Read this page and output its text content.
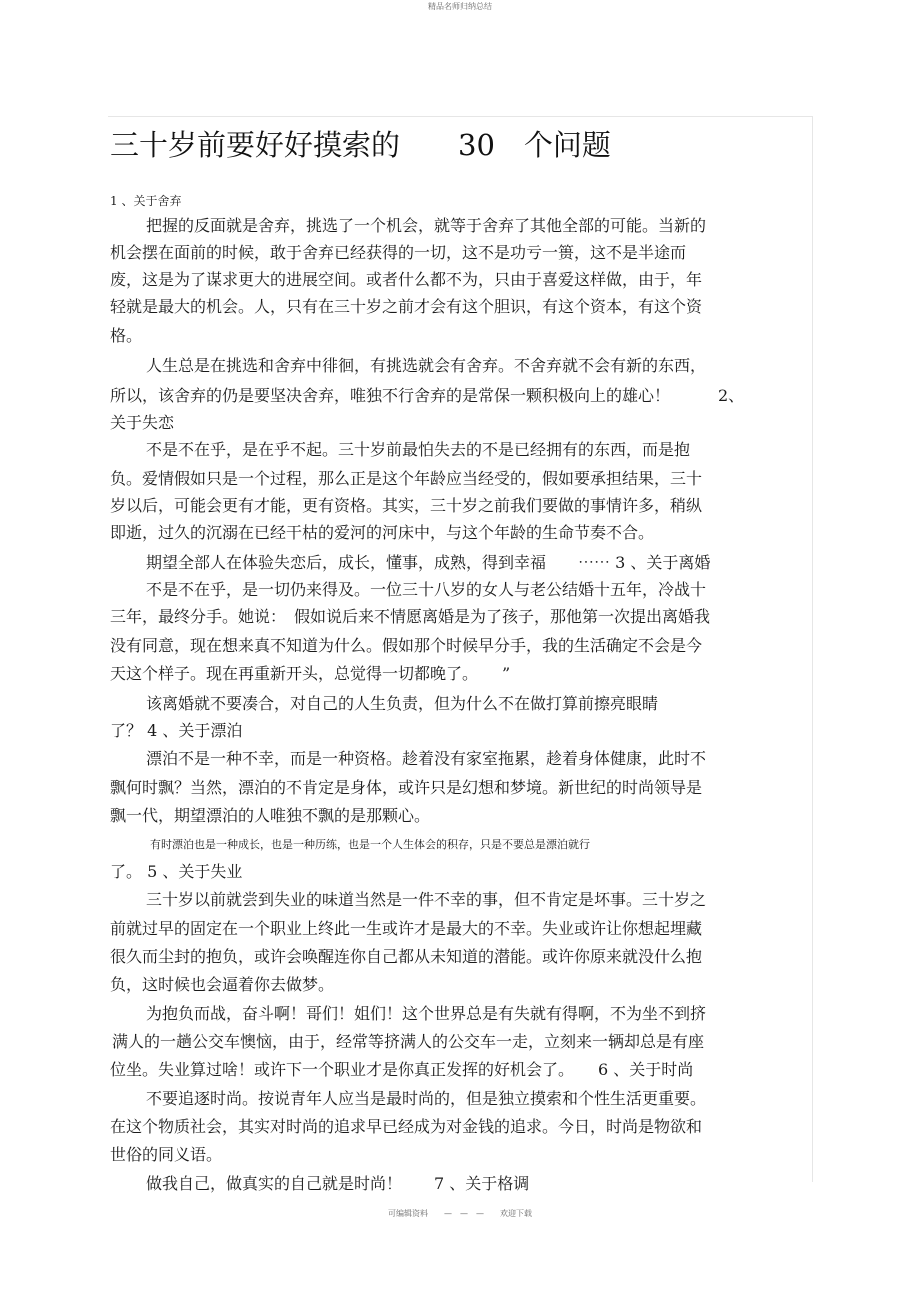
精品名师归纳总结
三十岁前要好好摸索的　　30　个问题
1 、关于舍弃
把握的反面就是舍弃，挑选了一个机会，就等于舍弃了其他全部的可能。当新的
机会摆在面前的时候，敢于舍弃已经获得的一切，这不是功亏一篑，这不是半途而
废，这是为了谋求更大的进展空间。或者什么都不为，只由于喜爱这样做，由于，年
轻就是最大的机会。人，只有在三十岁之前才会有这个胆识，有这个资本，有这个资
格。
人生总是在挑选和舍弃中徘徊，有挑选就会有舍弃。不舍弃就不会有新的东西，
所以，该舍弃的仍是要坚决舍弃，唯独不行舍弃的是常保一颗积极向上的雄心！　　　2、
关于失恋
不是不在乎，是在乎不起。三十岁前最怕失去的不是已经拥有的东西，而是抱
负。爱情假如只是一个过程，那么正是这个年龄应当经受的，假如要承担结果，三十
岁以后，可能会更有才能，更有资格。其实，三十岁之前我们要做的事情许多，稍纵
即逝，过久的沉溺在已经干枯的爱河的河床中，与这个年龄的生命节奏不合。
期望全部人在体验失恋后，成长，懂事，成熟，得到幸福　　⋯⋯ 3 、关于离婚
不是不在乎，是一切仍来得及。一位三十八岁的女人与老公结婚十五年，冷战十
三年，最终分手。她说：　假如说后来不情愿离婚是为了孩子，那他第一次提出离婚我
没有同意，现在想来真不知道为什么。假如那个时候早分手，我的生活确定不会是今
天这个样子。现在再重新开头，总觉得一切都晚了。　　”
该离婚就不要凑合，对自己的人生负责，但为什么不在做打算前擦亮眼睛
了？ 4 、关于漂泊
漂泊不是一种不幸，而是一种资格。趁着没有家室拖累，趁着身体健康，此时不
飘何时飘？当然，漂泊的不肯定是身体，或许只是幻想和梦境。新世纪的时尚领导是
飘一代，期望漂泊的人唯独不飘的是那颗心。
有时漂泊也是一种成长，也是一种历练，也是一个人生体会的积存，只是不要总是漂泊就行
了。 5 、关于失业
三十岁以前就尝到失业的味道当然是一件不幸的事，但不肯定是坏事。三十岁之
前就过早的固定在一个职业上终此一生或许才是最大的不幸。失业或许让你想起埋藏
很久而尘封的抱负，或许会唤醒连你自己都从未知道的潜能。或许你原来就没什么抱
负，这时候也会逼着你去做梦。
为抱负而战，奋斗啊！哥们！姐们！这个世界总是有失就有得啊，不为坐不到挤
满人的一趟公交车懊恼，由于，经常等挤满人的公交车一走，立刻来一辆却总是有座
位坐。失业算过啥！或许下一个职业才是你真正发挥的好机会了。　　6 、关于时尚
不要追逐时尚。按说青年人应当是最时尚的，但是独立摸索和个性生活更重要。
在这个物质社会，其实对时尚的追求早已经成为对金钱的追求。今日，时尚是物欲和
世俗的同义语。
做我自己，做真实的自己就是时尚！　　7 、关于格调
可编辑资料　　—　—　—　　欢迎下载
